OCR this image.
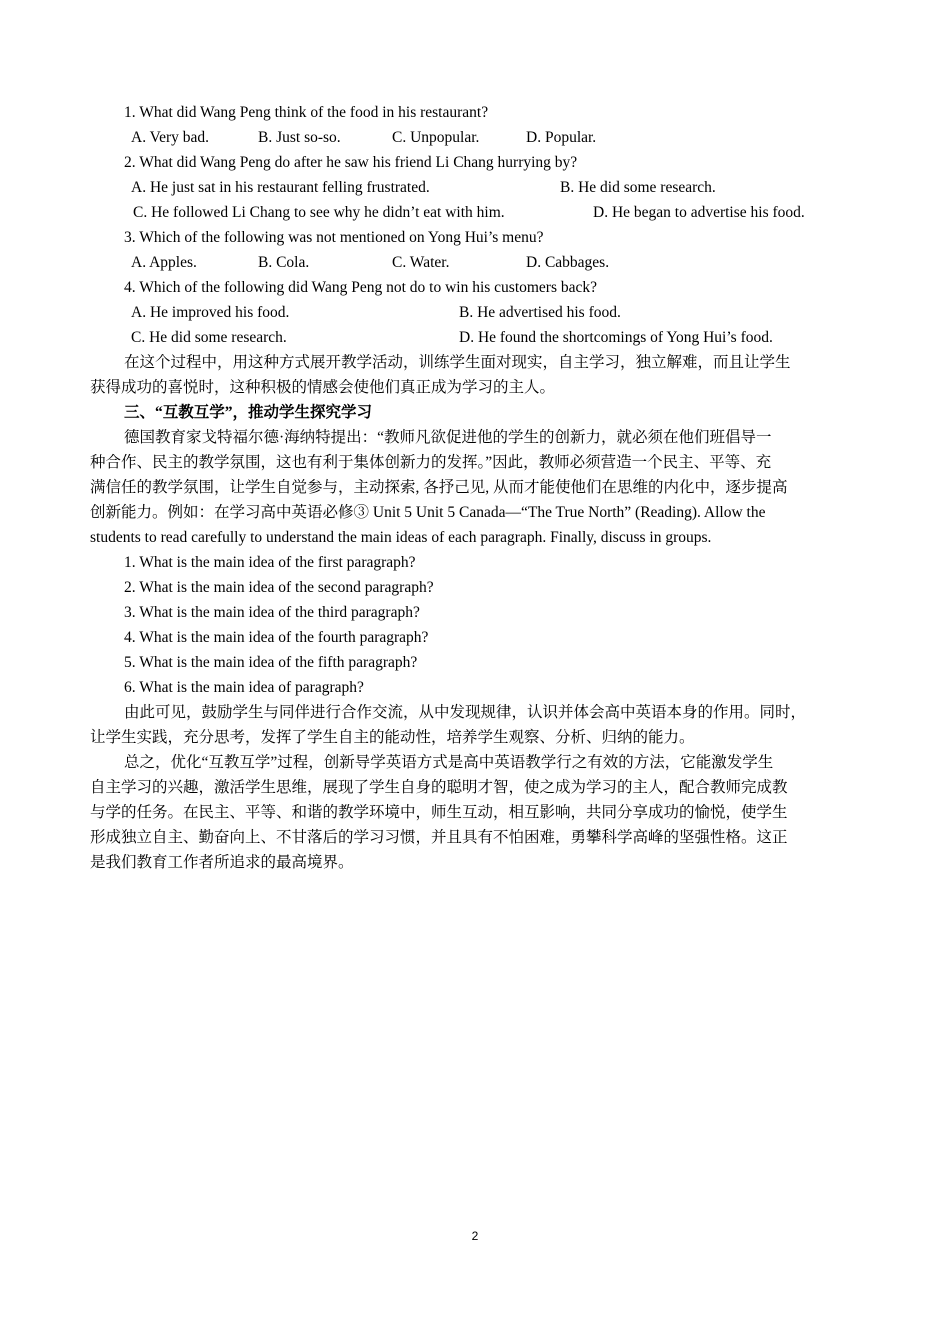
1. What did Wang Peng think of the food in his restaurant?
A. Very bad.	B. Just so-so.	C. Unpopular.	D. Popular.
2. What did Wang Peng do after he saw his friend Li Chang hurrying by?
A. He just sat in his restaurant felling frustrated.	B. He did some research.
C. He followed Li Chang to see why he didn’t eat with him.	D. He began to advertise his food.
3. Which of the following was not mentioned on Yong Hui’s menu?
A. Apples.	B. Cola.	C. Water.	D. Cabbages.
4. Which of the following did Wang Peng not do to win his customers back?
A. He improved his food.	B. He advertised his food.
C. He did some research.	D. He found the shortcomings of Yong Hui’s food.
在这个过程中，用这种方式展开教学活动，训练学生面对现实，自主学习，独立解难，而且让学生
获得成功的喜悦时，这种积极的情感会使他们真正成为学习的主人。
三、“互教互学”，推动学生探究学习
德国教育家戈特福尔德·海纳特提出：“教师凡欲促进他的学生的创新力，就必须在他们班倡导一
种合作、民主的教学氛围，这也有利于集体创新力的发挥。”因此，教师必须营造一个民主、平等、充
满信任的教学氛围，让学生自觉参与，主动探索, 各抒己见, 从而才能使他们在思维的内化中，逐步提高
创新能力。例如：在学习高中英语必修③ Unit 5 Unit 5 Canada—“The True North” (Reading). Allow the
students to read carefully to understand the main ideas of each paragraph. Finally, discuss in groups.
1. What is the main idea of the first paragraph?
2. What is the main idea of the second paragraph?
3. What is the main idea of the third paragraph?
4. What is the main idea of the fourth paragraph?
5. What is the main idea of the fifth paragraph?
6. What is the main idea of paragraph?
由此可见，鼓励学生与同伴进行合作交流，从中发现规律，认识并体会高中英语本身的作用。同时，
让学生实践，充分思考，发挥了学生自主的能动性，培养学生观察、分析、归纳的能力。
总之，优化“互教互学”过程，创新导学英语方式是高中英语教学行之有效的方法，它能激发学生
自主学习的兴趣，激活学生思维，展现了学生自身的聪明才智，使之成为学习的主人，配合教师完成教
与学的任务。在民主、平等、和谐的教学环境中，师生互动，相互影响，共同分享成功的愉悦，使学生
形成独立自主、勤奋向上、不甘落后的学习习惯，并且具有不怕困难，勇攀科学高峰的坚强性格。这正
是我们教育工作者所追求的最高境界。
2
